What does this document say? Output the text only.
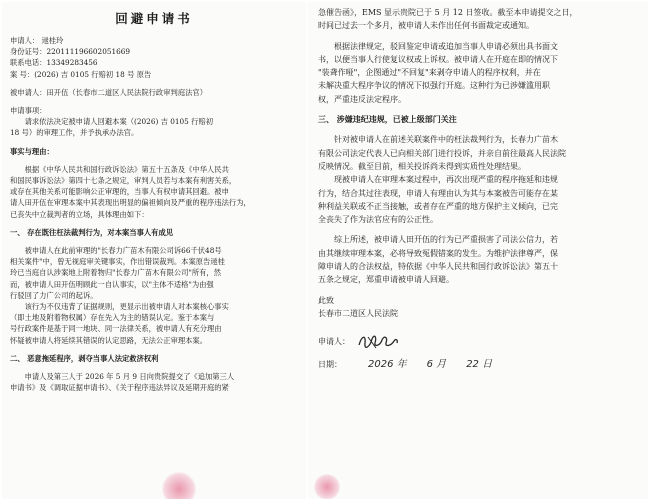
回避申请书
申请人： 逯桂玲
身份证号：220111196602051669
联系电话：13349283456
案 号：(2026) 吉 0105 行赔初 18 号 原告
被申请人：田开伍（长春市二道区人民法院行政审判庭法官）
申请事项：
请求依法决定被申请人回避本案（(2026) 吉 0105 行赔初
18 号）的审理工作，并予执承办法官。
事实与理由：
根据《中华人民共和国行政诉讼法》第五十五条及《中华人民共
和国民事诉讼法》第四十七条之规定，审判人员若与本案有利害关系，
或存在其他关系可能影响公正审理的，当事人有权申请其回避。被申
请人田开伍在审理本案中其表现出明显的偏袒倾向及严重的程序违法行为，
已丧失中立裁判者的立场，具体理由如下：
一、 存在既往枉法裁判行为，对本案当事人有成见
被申请人在此前审理的"长春力广苗木有限公司诉66千伏48号
相关案件"中，曾无视庭审关键事实，作出错误裁判。本案原告逯桂
玲已当庭自认涉案地上附着物归"长春力广苗木有限公司"所有，然
而，被申请人田开伍明顾此一自认事实，以"主体不适格"为由强
行驳回了力广公司的起诉。
该行为不仅违背了证据规则，更显示出被申请人对本案核心事实
（即土地及附着物权属）存在先入为主的错误认定。鉴于本案与
号行政案件是基于同一地块、同一法律关系，被申请人有充分理由
怀疑被申请人将延续其错误的认定思路，无法公正审理本案。
二、 恶意拖延程序，剥夺当事人法定救济权利
申请人及第三人于 2026 年 5 月 9 日向贵院提交了《追加第三人
申请书》及《调取证据申请书》、《关于程序违法异议及延期开庭的紧
急催告函》，EMS 显示贵院已于 5 月 12 日签收。截至本申请提交之日，
时间已过去一个多月，被申请人未作出任何书面裁定或通知。
根据法律规定，驳回鉴定申请或追加当事人申请必须出具书面文
书，以便当事人行使复议权或上诉权。被申请人在开庭在即的情况下
"装聋作哑"，企图通过"不回复"来剥夺申请人的程序权利，并在
未解决重大程序争议的情况下拟强行开庭。这种行为已涉嫌滥用职
权，严重违反法定程序。
三、 涉嫌违纪违规，已被上级部门关注
针对被申请人在前述关联案件中的枉法裁判行为，长春力广苗木
有限公司法定代表人已向相关部门进行投诉，并亲自前往最高人民法院
反映情况。截至目前，相关投诉尚未得到实质性处理结果。
现被申请人在审理本案过程中，再次出现严重的程序拖延和违规
行为，结合其过往表现，申请人有理由认为其与本案被告可能存在某
种利益关联或不正当接触，或者存在严重的地方保护主义倾向，已完
全丧失了作为法官应有的公正性。
综上所述，被申请人田开伍的行为已严重损害了司法公信力，若
由其继续审理本案，必将导致冤假错案的发生。为维护法律尊严，保
障申请人的合法权益，特依据《中华人民共和国行政诉讼法》第五十
五条之规定，郑重申请被申请人回避。
此致
长春市二道区人民法院
申请人：
日期：	2026 年 6 月 22 日
